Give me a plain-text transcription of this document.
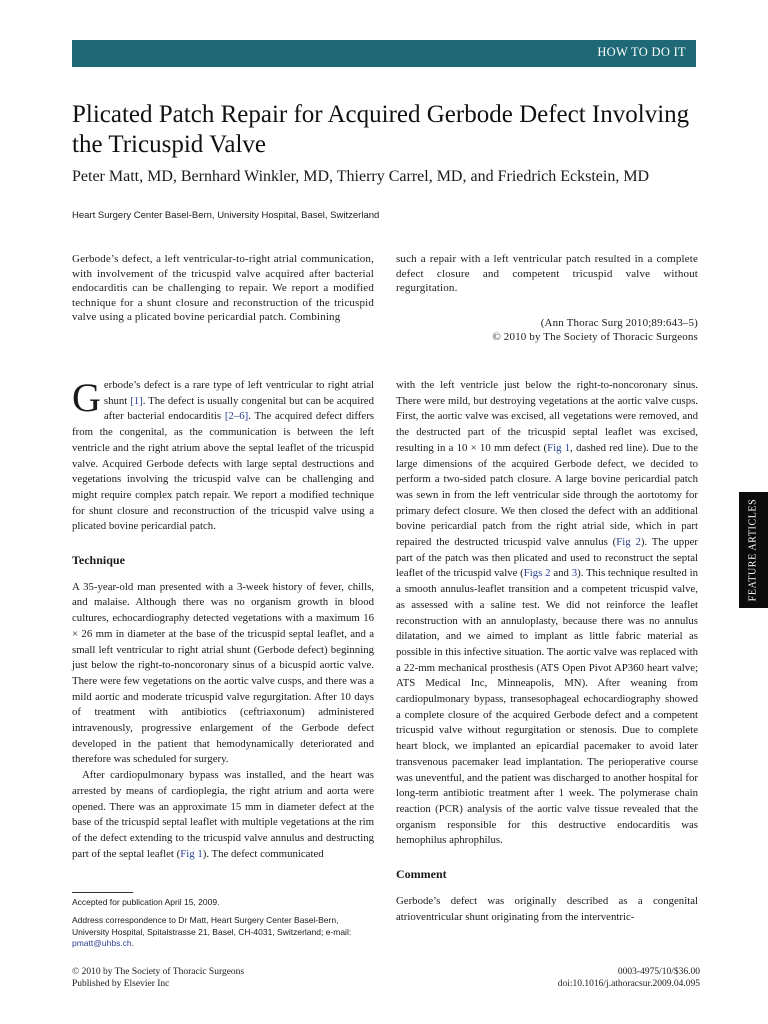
HOW TO DO IT
Plicated Patch Repair for Acquired Gerbode Defect Involving the Tricuspid Valve

Peter Matt, MD, Bernhard Winkler, MD, Thierry Carrel, MD, and Friedrich Eckstein, MD

Heart Surgery Center Basel-Bern, University Hospital, Basel, Switzerland

Gerbode’s defect, a left ventricular-to-right atrial communication, with involvement of the tricuspid valve acquired after bacterial endocarditis can be challenging to repair. We report a modified technique for a shunt closure and reconstruction of the tricuspid valve using a plicated bovine pericardial patch. Combining

such a repair with a left ventricular patch resulted in a complete defect closure and competent tricuspid valve without regurgitation.

(Ann Thorac Surg 2010;89:643–5)

© 2010 by The Society of Thoracic Surgeons

Gerbode’s defect is a rare type of left ventricular to right atrial shunt [1]. The defect is usually congenital but can be acquired after bacterial endocarditis [2–6]. The acquired defect differs from the congenital, as the communication is between the left ventricle and the right atrium above the septal leaflet of the tricuspid valve. Acquired Gerbode defects with large septal destructions and vegetations involving the tricuspid valve can be challenging and might require complex patch repair. We report a modified technique for shunt closure and reconstruction of the tricuspid valve using a plicated bovine pericardial patch.

Technique

A 35-year-old man presented with a 3-week history of fever, chills, and malaise. Although there was no organism growth in blood cultures, echocardiography detected vegetations with a maximum 16 × 26 mm in diameter at the base of the tricuspid septal leaflet, and a small left ventricular to right atrial shunt (Gerbode defect) beginning just below the right-to-noncoronary sinus of a bicuspid aortic valve. There were few vegetations on the aortic valve cusps, and there was a mild aortic and moderate tricuspid valve regurgitation. After 10 days of treatment with antibiotics (ceftriaxonum) administered intravenously, progressive enlargement of the Gerbode defect developed in the patient that hemodynamically deteriorated and therefore was scheduled for surgery.

After cardiopulmonary bypass was installed, and the heart was arrested by means of cardioplegia, the right atrium and aorta were opened. There was an approximate 15 mm in diameter defect at the base of the tricuspid septal leaflet with multiple vegetations at the rim of the defect extending to the tricuspid valve annulus and destructing part of the septal leaflet (Fig 1). The defect communicated

with the left ventricle just below the right-to-noncoronary sinus. There were mild, but destroying vegetations at the aortic valve cusps. First, the aortic valve was excised, all vegetations were removed, and the destructed part of the tricuspid septal leaflet was excised, resulting in a 10 × 10 mm defect (Fig 1, dashed red line). Due to the large dimensions of the acquired Gerbode defect, we decided to perform a two-sided patch closure. A large bovine pericardial patch was sewn in from the left ventricular side through the aortotomy for primary defect closure. We then closed the defect with an additional bovine pericardial patch from the right atrial side, which in part repaired the destructed tricuspid valve annulus (Fig 2). The upper part of the patch was then plicated and used to reconstruct the septal leaflet of the tricuspid valve (Figs 2 and 3). This technique resulted in a smooth annulus-leaflet transition and a competent tricuspid valve, as assessed with a saline test. We did not reinforce the leaflet reconstruction with an annuloplasty, because there was no annulus dilatation, and we aimed to implant as little fabric material as possible in this infective situation. The aortic valve was replaced with a 22-mm mechanical prosthesis (ATS Open Pivot AP360 heart valve; ATS Medical Inc, Minneapolis, MN). After weaning from cardiopulmonary bypass, transesophageal echocardiography showed a complete closure of the acquired Gerbode defect and a competent tricuspid valve without regurgitation or stenosis. Due to complete heart block, we implanted an epicardial pacemaker to avoid later transvenous pacemaker lead implantation. The perioperative course was uneventful, and the patient was discharged to another hospital for long-term antibiotic treatment after 1 week. The polymerase chain reaction (PCR) analysis of the aortic valve tissue revealed that the organism responsible for this destructive endocarditis was hemophilus aphrophilus.

Comment

Gerbode’s defect was originally described as a congenital atrioventricular shunt originating from the interventric-

Accepted for publication April 15, 2009.

Address correspondence to Dr Matt, Heart Surgery Center Basel-Bern, University Hospital, Spitalstrasse 21, Basel, CH-4031, Switzerland; e-mail: pmatt@uhbs.ch.

FEATURE ARTICLES
© 2010 by The Society of Thoracic Surgeons
Published by Elsevier Inc
0003-4975/10/$36.00
doi:10.1016/j.athoracsur.2009.04.095
